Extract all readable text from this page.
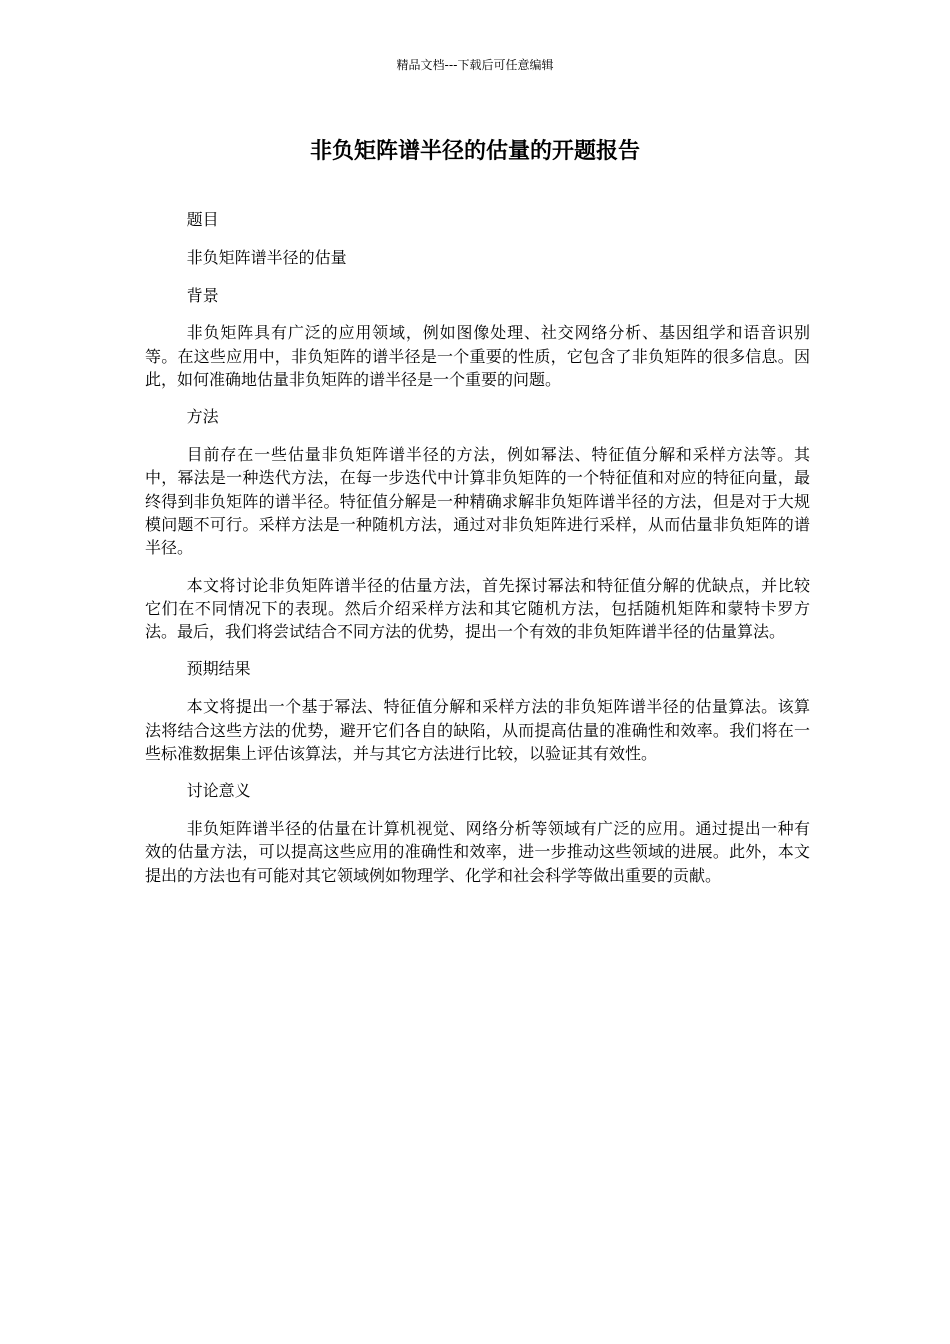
精品文档---下载后可任意编辑
非负矩阵谱半径的估量的开题报告

题目

非负矩阵谱半径的估量

背景

非负矩阵具有广泛的应用领域，例如图像处理、社交网络分析、基因组学和语音识别等。在这些应用中，非负矩阵的谱半径是一个重要的性质，它包含了非负矩阵的很多信息。因此，如何准确地估量非负矩阵的谱半径是一个重要的问题。

方法

目前存在一些估量非负矩阵谱半径的方法，例如幂法、特征值分解和采样方法等。其中，幂法是一种迭代方法，在每一步迭代中计算非负矩阵的一个特征值和对应的特征向量，最终得到非负矩阵的谱半径。特征值分解是一种精确求解非负矩阵谱半径的方法，但是对于大规模问题不可行。采样方法是一种随机方法，通过对非负矩阵进行采样，从而估量非负矩阵的谱半径。

本文将讨论非负矩阵谱半径的估量方法，首先探讨幂法和特征值分解的优缺点，并比较它们在不同情况下的表现。然后介绍采样方法和其它随机方法，包括随机矩阵和蒙特卡罗方法。最后，我们将尝试结合不同方法的优势，提出一个有效的非负矩阵谱半径的估量算法。

预期结果

本文将提出一个基于幂法、特征值分解和采样方法的非负矩阵谱半径的估量算法。该算法将结合这些方法的优势，避开它们各自的缺陷，从而提高估量的准确性和效率。我们将在一些标准数据集上评估该算法，并与其它方法进行比较，以验证其有效性。

讨论意义

非负矩阵谱半径的估量在计算机视觉、网络分析等领域有广泛的应用。通过提出一种有效的估量方法，可以提高这些应用的准确性和效率，进一步推动这些领域的进展。此外，本文提出的方法也有可能对其它领域例如物理学、化学和社会科学等做出重要的贡献。
